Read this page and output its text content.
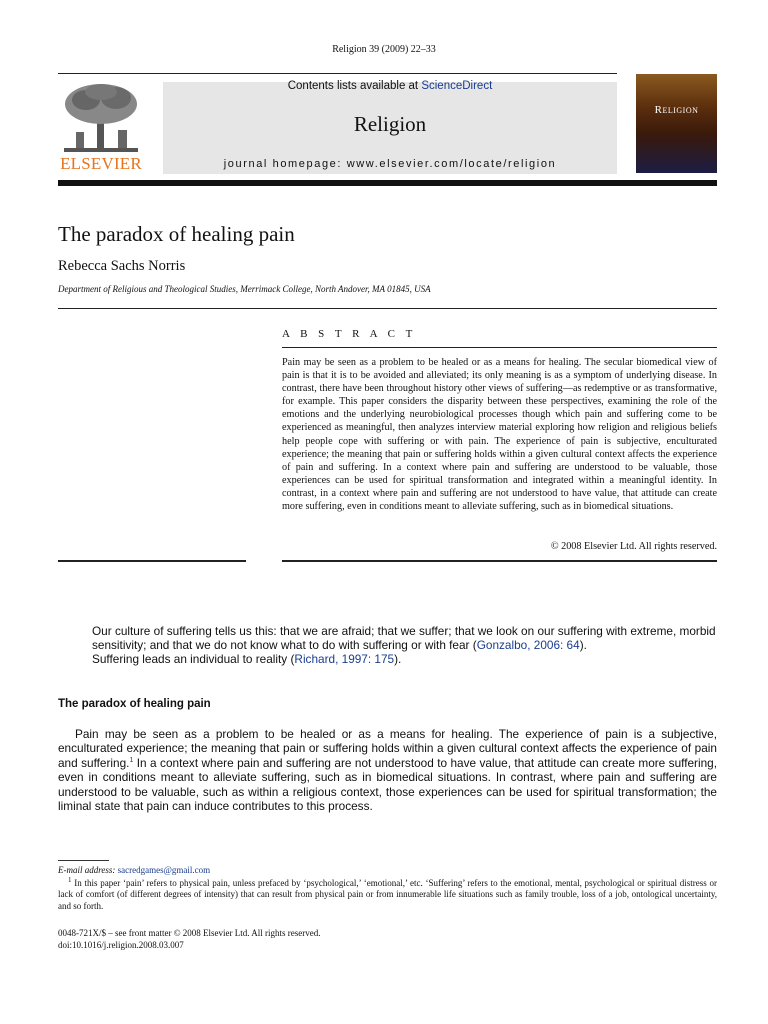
Religion 39 (2009) 22–33
ELSEVIER
Contents lists available at ScienceDirect
Religion
journal homepage: www.elsevier.com/locate/religion
Religion
The paradox of healing pain
Rebecca Sachs Norris
Department of Religious and Theological Studies, Merrimack College, North Andover, MA 01845, USA
A B S T R A C T
Pain may be seen as a problem to be healed or as a means for healing. The secular biomedical view of pain is that it is to be avoided and alleviated; its only meaning is as a symptom of underlying disease. In contrast, there have been throughout history other views of suffering—as redemptive or as transformative, for example. This paper considers the disparity between these perspectives, examining the role of the emotions and the underlying neurobiological processes though which pain and suffering come to be experienced as meaningful, then analyzes interview material exploring how religion and religious beliefs help people cope with suffering or with pain. The experience of pain is subjective, enculturated experience; the meaning that pain or suffering holds within a given cultural context affects the experience of pain and suffering. In a context where pain and suffering are understood to be valuable, those experiences can be used for spiritual transformation and integrated within a meaningful identity. In contrast, in a context where pain and suffering are not understood to have value, that attitude can create more suffering, even in conditions meant to alleviate suffering, such as in biomedical situations.
© 2008 Elsevier Ltd. All rights reserved.
Our culture of suffering tells us this: that we are afraid; that we suffer; that we look on our suffering with extreme, morbid sensitivity; and that we do not know what to do with suffering or with fear (Gonzalbo, 2006: 64).
Suffering leads an individual to reality (Richard, 1997: 175).
The paradox of healing pain
Pain may be seen as a problem to be healed or as a means for healing. The experience of pain is a subjective, enculturated experience; the meaning that pain or suffering holds within a given cultural context affects the experience of pain and suffering.$^1$ In a context where pain and suffering are not understood to have value, that attitude can create more suffering, even in conditions meant to alleviate suffering, such as in biomedical situations. In contrast, where pain and suffering are understood to be valuable, such as within a religious context, those experiences can be used for spiritual transformation; the liminal state that pain can induce contributes to this process.
E-mail address: sacredgames@gmail.com
$^1$ In this paper ‘pain’ refers to physical pain, unless prefaced by ‘psychological,’ ‘emotional,’ etc. ‘Suffering’ refers to the emotional, mental, psychological or spiritual distress or lack of comfort (of different degrees of intensity) that can result from physical pain or from innumerable life situations such as family trouble, loss of a job, ontological uncertainty, and so forth.
0048-721X/$ – see front matter © 2008 Elsevier Ltd. All rights reserved.
doi:10.1016/j.religion.2008.03.007
